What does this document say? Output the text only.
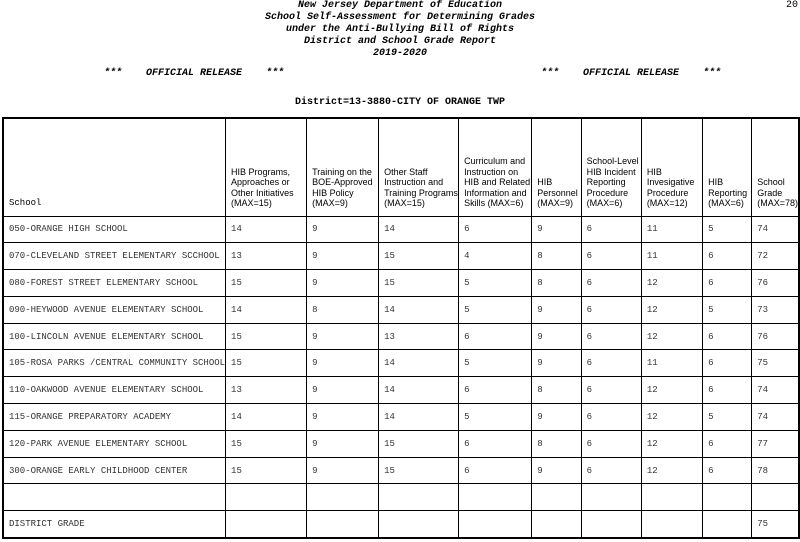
20
New Jersey Department of Education
School Self-Assessment for Determining Grades
under the Anti-Bullying Bill of Rights
District and School Grade Report
2019-2020
***    OFFICIAL RELEASE    ***	***    OFFICIAL RELEASE    ***
District=13-3880-CITY OF ORANGE TWP
School	HIB Programs, Approaches or Other Initiatives (MAX=15)	Training on the BOE-Approved HIB Policy (MAX=9)	Other Staff Instruction and Training Programs (MAX=15)	Curriculum and Instruction on HIB and Related Information and Skills (MAX=6)	HIB Personnel (MAX=9)	School-Level HIB Incident Reporting Procedure (MAX=6)	HIB Invesigative Procedure (MAX=12)	HIB Reporting (MAX=6)	School Grade (MAX=78)
050-ORANGE HIGH SCHOOL	14	9	14	6	9	6	11	5	74
070-CLEVELAND STREET ELEMENTARY SCCHOOL	13	9	15	4	8	6	11	6	72
080-FOREST STREET ELEMENTARY SCHOOL	15	9	15	5	8	6	12	6	76
090-HEYWOOD AVENUE ELEMENTARY SCHOOL	14	8	14	5	9	6	12	5	73
100-LINCOLN AVENUE ELEMENTARY SCHOOL	15	9	13	6	9	6	12	6	76
105-ROSA PARKS /CENTRAL COMMUNITY SCHOOL	15	9	14	5	9	6	11	6	75
110-OAKWOOD AVENUE ELEMENTARY SCHOOL	13	9	14	6	8	6	12	6	74
115-ORANGE PREPARATORY ACADEMY	14	9	14	5	9	6	12	5	74
120-PARK AVENUE ELEMENTARY SCHOOL	15	9	15	6	8	6	12	6	77
300-ORANGE EARLY CHILDHOOD CENTER	15	9	15	6	9	6	12	6	78

DISTRICT GRADE									75
